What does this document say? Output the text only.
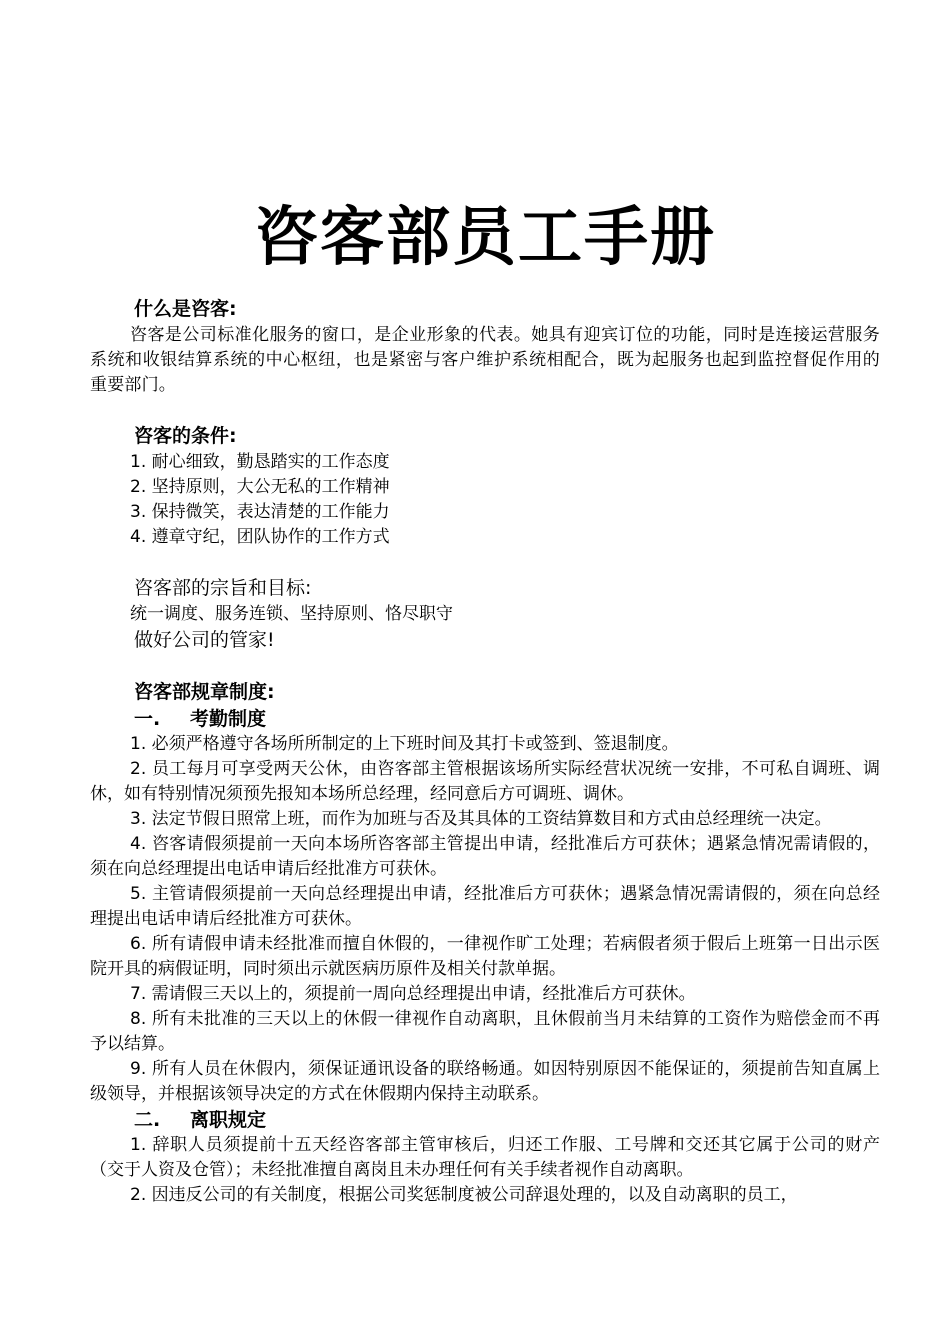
咨客部员工手册

什么是咨客:

咨客是公司标准化服务的窗口，是企业形象的代表。她具有迎宾订位的功能，同时是连接运营服务系统和收银结算系统的中心枢纽，也是紧密与客户维护系统相配合，既为起服务也起到监控督促作用的重要部门。

咨客的条件:

1. 耐心细致，勤恳踏实的工作态度

2. 坚持原则，大公无私的工作精神

3. 保持微笑，表达清楚的工作能力

4. 遵章守纪，团队协作的工作方式

咨客部的宗旨和目标:

统一调度、服务连锁、坚持原则、恪尽职守

做好公司的管家!

咨客部规章制度:

一. 考勤制度

1. 必须严格遵守各场所所制定的上下班时间及其打卡或签到、签退制度。

2. 员工每月可享受两天公休，由咨客部主管根据该场所实际经营状况统一安排，不可私自调班、调休，如有特别情况须预先报知本场所总经理，经同意后方可调班、调休。

3. 法定节假日照常上班，而作为加班与否及其具体的工资结算数目和方式由总经理统一决定。

4. 咨客请假须提前一天向本场所咨客部主管提出申请，经批准后方可获休；遇紧急情况需请假的，须在向总经理提出电话申请后经批准方可获休。

5. 主管请假须提前一天向总经理提出申请，经批准后方可获休；遇紧急情况需请假的，须在向总经理提出电话申请后经批准方可获休。

6. 所有请假申请未经批准而擅自休假的，一律视作旷工处理；若病假者须于假后上班第一日出示医院开具的病假证明，同时须出示就医病历原件及相关付款单据。

7. 需请假三天以上的，须提前一周向总经理提出申请，经批准后方可获休。

8. 所有未批准的三天以上的休假一律视作自动离职，且休假前当月未结算的工资作为赔偿金而不再予以结算。

9. 所有人员在休假内，须保证通讯设备的联络畅通。如因特别原因不能保证的，须提前告知直属上级领导，并根据该领导决定的方式在休假期内保持主动联系。

二. 离职规定

1. 辞职人员须提前十五天经咨客部主管审核后，归还工作服、工号牌和交还其它属于公司的财产（交于人资及仓管）；未经批准擅自离岗且未办理任何有关手续者视作自动离职。

2. 因违反公司的有关制度，根据公司奖惩制度被公司辞退处理的，以及自动离职的员工，
